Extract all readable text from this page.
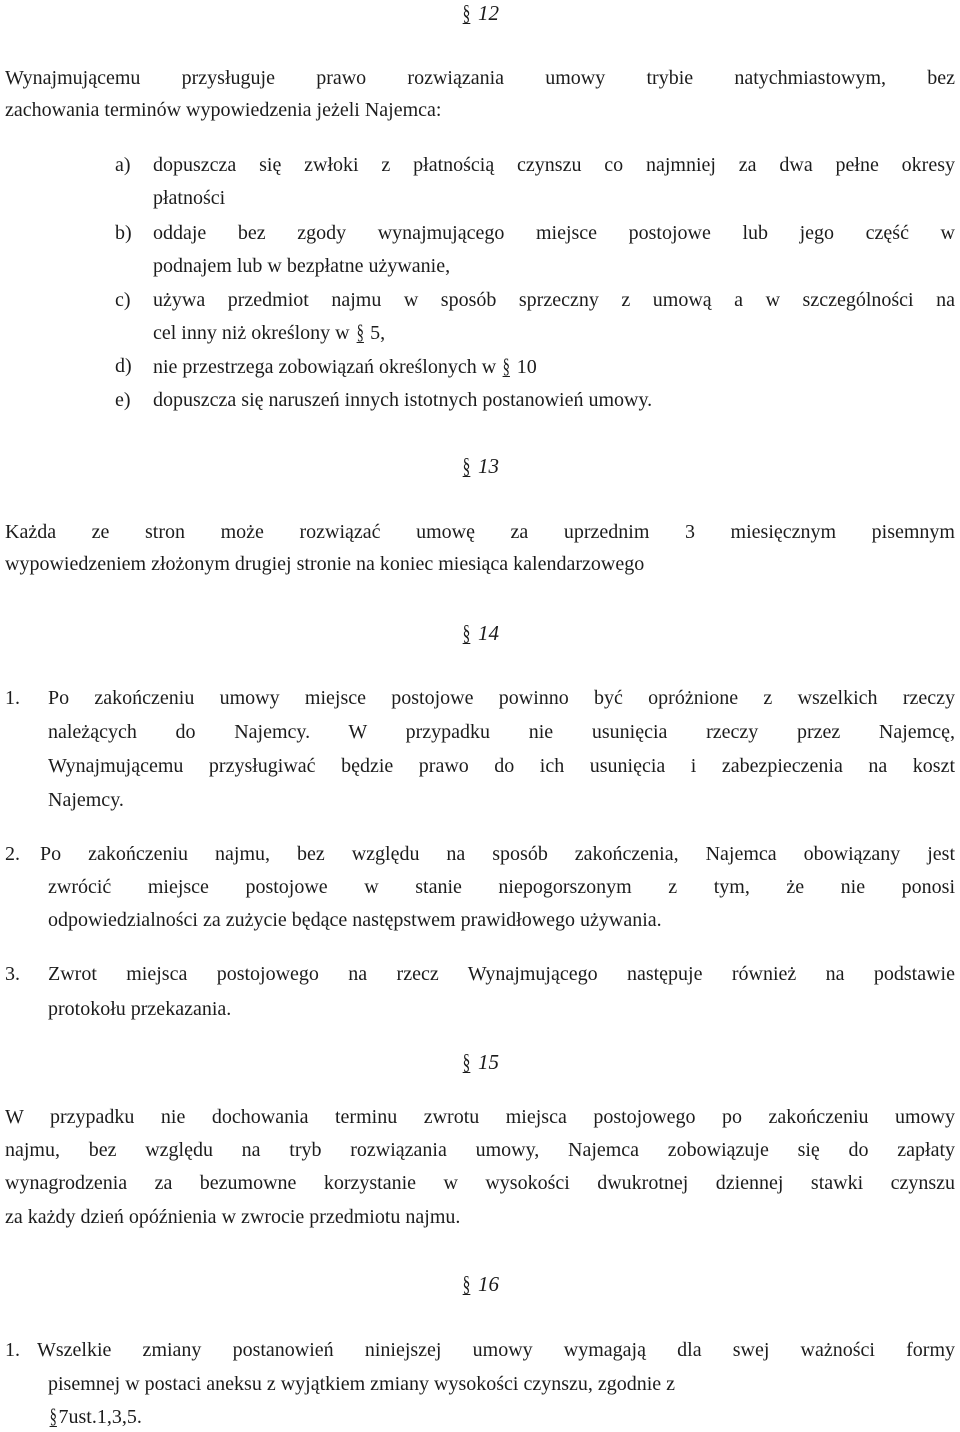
§ 12
Wynajmującemu przysługuje prawo rozwiązania umowy trybie natychmiastowym, bez
zachowania terminów wypowiedzenia jeżeli Najemca:
a) dopuszcza się zwłoki z płatnością czynszu co najmniej za dwa pełne okresy
płatności
b) oddaje bez zgody wynajmującego miejsce postojowe lub jego część w
podnajem lub w bezpłatne używanie,
c) używa przedmiot najmu w sposób sprzeczny z umową a w szczególności na
cel inny niż określony w § 5,
d) nie przestrzega zobowiązań określonych w § 10
e) dopuszcza się naruszeń innych istotnych postanowień umowy.
§ 13
Każda ze stron może rozwiązać umowę za uprzednim 3 miesięcznym pisemnym
wypowiedzeniem złożonym drugiej stronie na koniec miesiąca kalendarzowego
§ 14
1. Po zakończeniu umowy miejsce postojowe powinno być opróżnione z wszelkich rzeczy
należących do Najemcy. W przypadku nie usunięcia rzeczy przez Najemcę,
Wynajmującemu przysługiwać będzie prawo do ich usunięcia i zabezpieczenia na koszt
Najemcy.
2. Po zakończeniu najmu, bez względu na sposób zakończenia, Najemca obowiązany jest
zwrócić miejsce postojowe w stanie niepogorszonym z tym, że nie ponosi
odpowiedzialności za zużycie będące następstwem prawidłowego używania.
3. Zwrot miejsca postojowego na rzecz Wynajmującego następuje również na podstawie
protokołu przekazania.
§ 15
W przypadku nie dochowania terminu zwrotu miejsca postojowego po zakończeniu umowy
najmu, bez względu na tryb rozwiązania umowy, Najemca zobowiązuje się do zapłaty
wynagrodzenia za bezumowne korzystanie w wysokości dwukrotnej dziennej stawki czynszu
za każdy dzień opóźnienia w zwrocie przedmiotu najmu.
§ 16
1. Wszelkie zmiany postanowień niniejszej umowy wymagają dla swej ważności formy
pisemnej w postaci aneksu z wyjątkiem zmiany wysokości czynszu, zgodnie z
§7ust.1,3,5.
